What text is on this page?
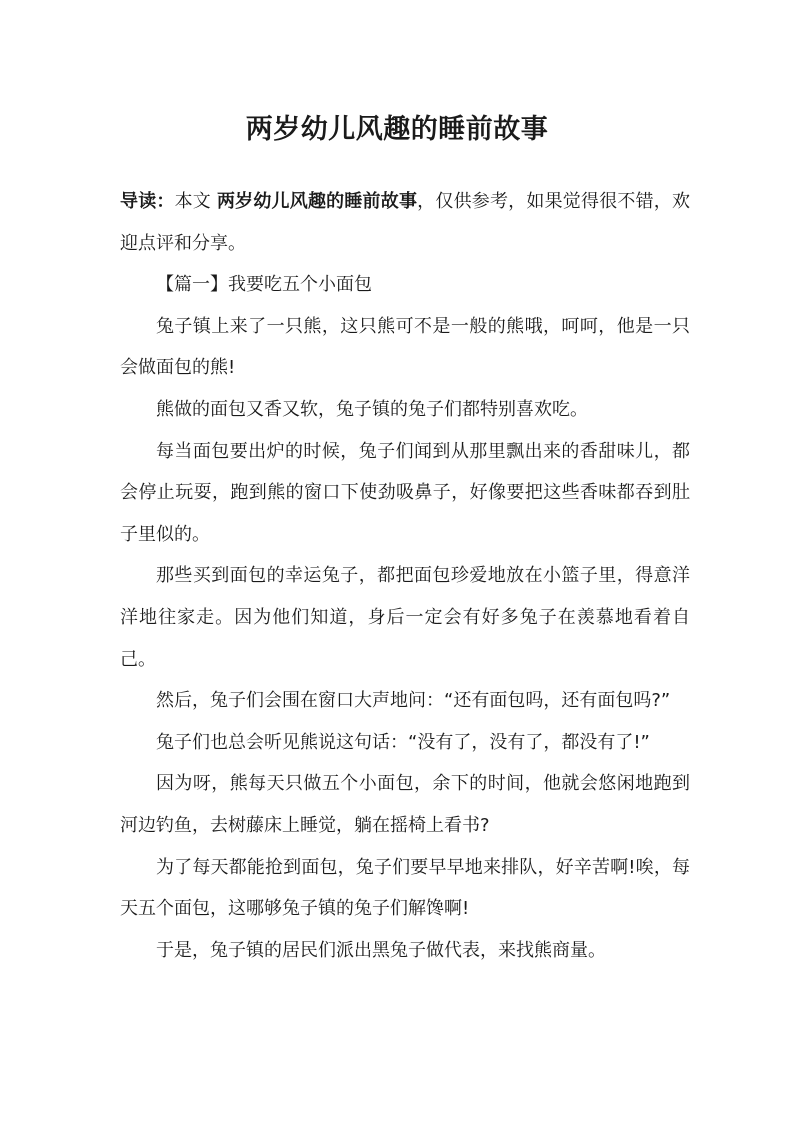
两岁幼儿风趣的睡前故事

导读：本文 两岁幼儿风趣的睡前故事，仅供参考，如果觉得很不错，欢迎点评和分享。

【篇一】我要吃五个小面包

兔子镇上来了一只熊，这只熊可不是一般的熊哦，呵呵，他是一只会做面包的熊!

熊做的面包又香又软，兔子镇的兔子们都特别喜欢吃。

每当面包要出炉的时候，兔子们闻到从那里飘出来的香甜味儿，都会停止玩耍，跑到熊的窗口下使劲吸鼻子，好像要把这些香味都吞到肚子里似的。

那些买到面包的幸运兔子，都把面包珍爱地放在小篮子里，得意洋洋地往家走。因为他们知道，身后一定会有好多兔子在羡慕地看着自己。

然后，兔子们会围在窗口大声地问：“还有面包吗，还有面包吗?”

兔子们也总会听见熊说这句话：“没有了，没有了，都没有了!”

因为呀，熊每天只做五个小面包，余下的时间，他就会悠闲地跑到河边钓鱼，去树藤床上睡觉，躺在摇椅上看书?

为了每天都能抢到面包，兔子们要早早地来排队，好辛苦啊!唉，每天五个面包，这哪够兔子镇的兔子们解馋啊!

于是，兔子镇的居民们派出黑兔子做代表，来找熊商量。
